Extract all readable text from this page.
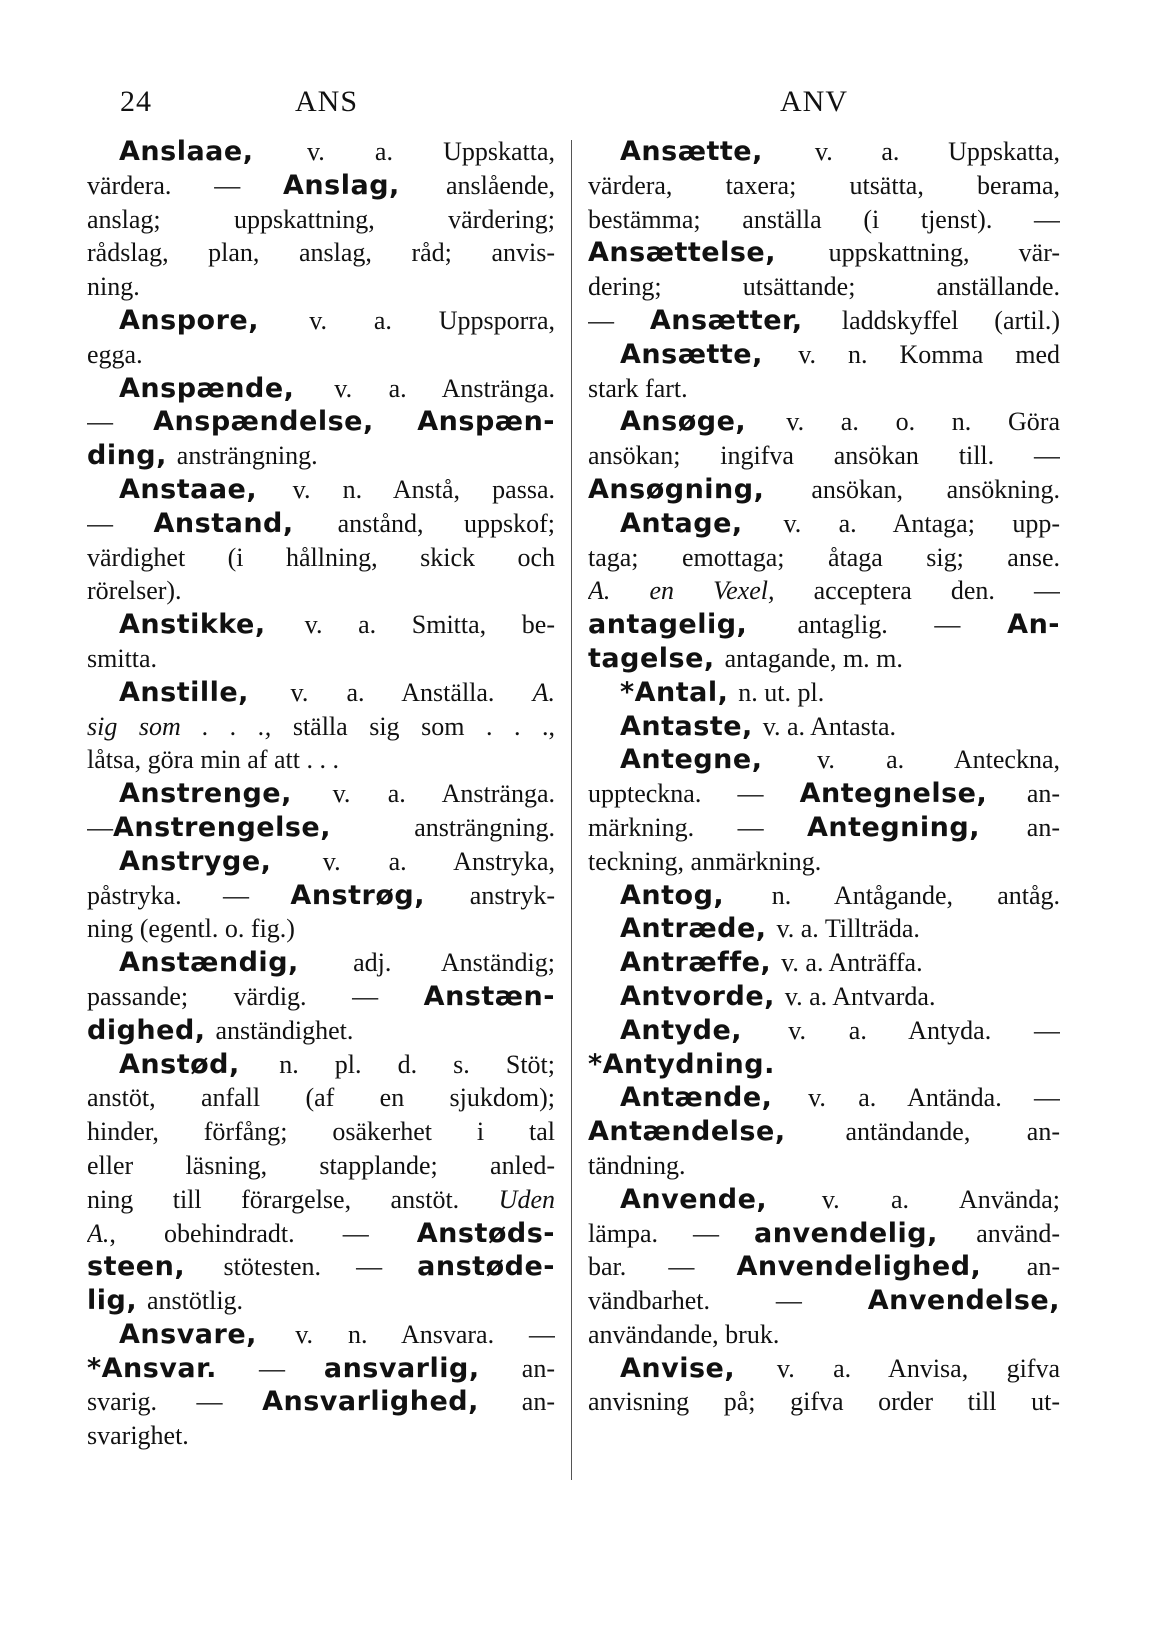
24	ANS	ANV
Anslaae, v. a. Uppskatta,
värdera. — Anslag, anslående,
anslag; uppskattning, värdering;
rådslag, plan, anslag, råd; anvis-
ning.
Anspore, v. a. Uppsporra,
egga.
Anspænde, v. a. Anstränga.
— Anspændelse, Anspæn-
ding, ansträngning.
Anstaae, v. n. Anstå, passa.
— Anstand, anstånd, uppskof;
värdighet (i hållning, skick och
rörelser).
Anstikke, v. a. Smitta, be-
smitta.
Anstille, v. a. Anställa. A.
sig som . . ., ställa sig som . . .,
låtsa, göra min af att . . .
Anstrenge, v. a. Anstränga.
—Anstrengelse, ansträngning.
Anstryge, v. a. Anstryka,
påstryka. — Anstrøg, anstryk-
ning (egentl. o. fig.)
Anstændig, adj. Anständig;
passande; värdig. — Anstæn-
dighed, anständighet.
Anstød, n. pl. d. s. Stöt;
anstöt, anfall (af en sjukdom);
hinder, förfång; osäkerhet i tal
eller läsning, stapplande; anled-
ning till förargelse, anstöt. Uden
A., obehindradt. — Anstøds-
steen, stötesten. — anstøde-
lig, anstötlig.
Ansvare, v. n. Ansvara. —
*Ansvar. — ansvarlig, an-
svarig. — Ansvarlighed, an-
svarighet.
Ansætte, v. a. Uppskatta,
värdera, taxera; utsätta, berama,
bestämma; anställa (i tjenst). —
Ansættelse, uppskattning, vär-
dering; utsättande; anställande.
— Ansætter, laddskyffel (artil.)
Ansætte, v. n. Komma med
stark fart.
Ansøge, v. a. o. n. Göra
ansökan; ingifva ansökan till. —
Ansøgning, ansökan, ansökning.
Antage, v. a. Antaga; upp-
taga; emottaga; åtaga sig; anse.
A. en Vexel, acceptera den. —
antagelig, antaglig. — An-
tagelse, antagande, m. m.
*Antal, n. ut. pl.
Antaste, v. a. Antasta.
Antegne, v. a. Anteckna,
uppteckna. — Antegnelse, an-
märkning. — Antegning, an-
teckning, anmärkning.
Antog, n. Antågande, antåg.
Antræde, v. a. Tillträda.
Antræffe, v. a. Anträffa.
Antvorde, v. a. Antvarda.
Antyde, v. a. Antyda. —
*Antydning.
Antænde, v. a. Antända. —
Antændelse, antändande, an-
tändning.
Anvende, v. a. Använda;
lämpa. — anvendelig, använd-
bar. — Anvendelighed, an-
vändbarhet. — Anvendelse,
användande, bruk.
Anvise, v. a. Anvisa, gifva
anvisning på; gifva order till ut-
